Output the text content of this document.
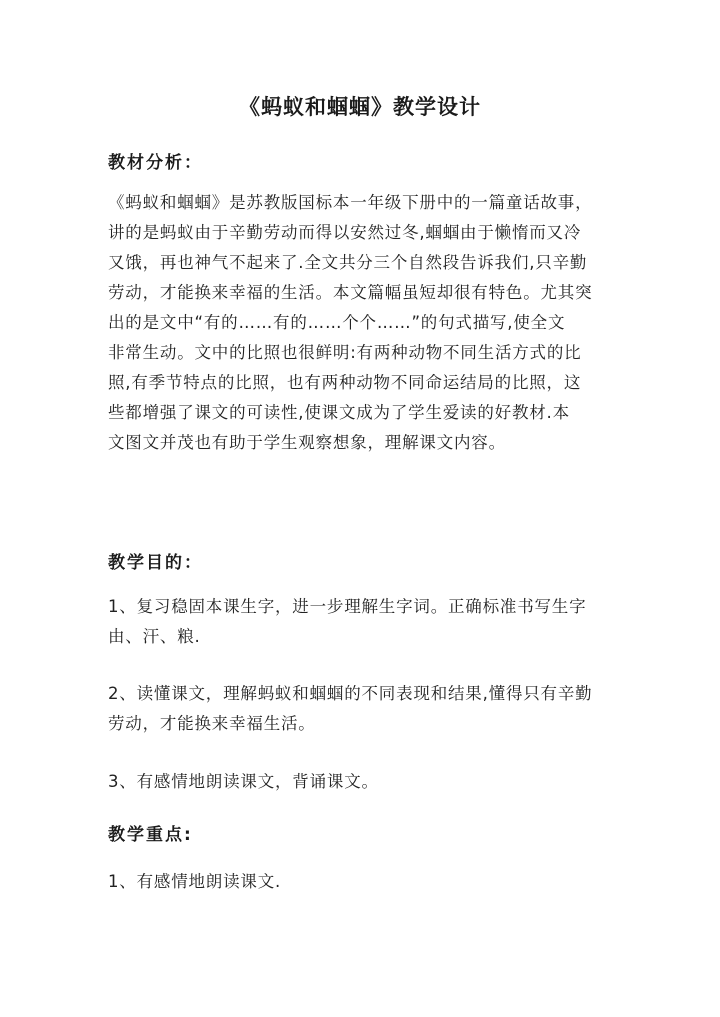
《蚂蚁和蝈蝈》教学设计
教材分析：

《蚂蚁和蝈蝈》是苏教版国标本一年级下册中的一篇童话故事，

讲的是蚂蚁由于辛勤劳动而得以安然过冬,蝈蝈由于懒惰而又冷

又饿，再也神气不起来了.全文共分三个自然段告诉我们,只辛勤

劳动，才能换来幸福的生活。本文篇幅虽短却很有特色。尤其突

出的是文中“有的……有的……个个……”的句式描写,使全文

非常生动。文中的比照也很鲜明:有两种动物不同生活方式的比

照,有季节特点的比照，也有两种动物不同命运结局的比照，这

些都增强了课文的可读性,使课文成为了学生爱读的好教材.本

文图文并茂也有助于学生观察想象，理解课文内容。

教学目的：

1、复习稳固本课生字，进一步理解生字词。正确标准书写生字

由、汗、粮.

2、读懂课文，理解蚂蚁和蝈蝈的不同表现和结果,懂得只有辛勤

劳动，才能换来幸福生活。

3、有感情地朗读课文，背诵课文。

教学重点:

1、有感情地朗读课文.
